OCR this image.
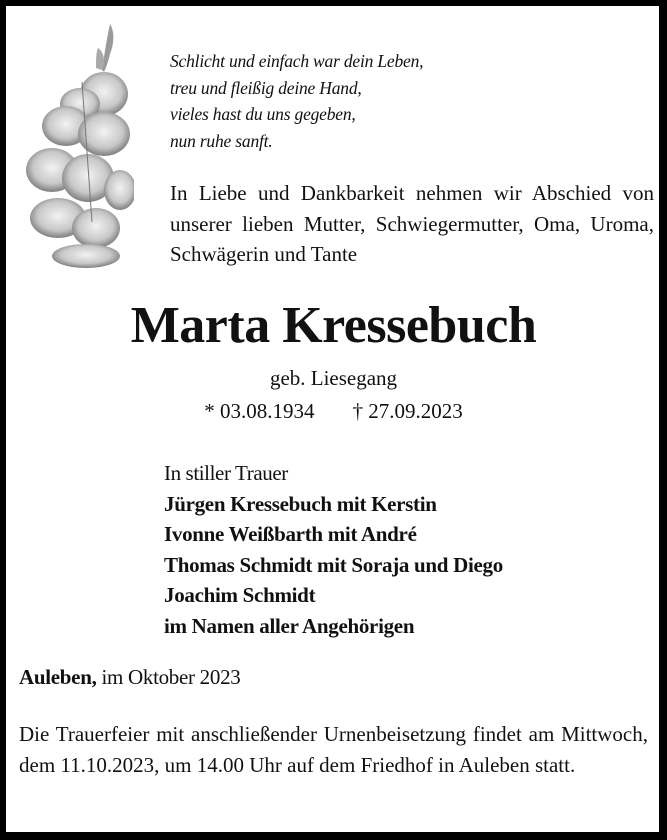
Schlicht und einfach war dein Leben,
treu und fleißig deine Hand,
vieles hast du uns gegeben,
nun ruhe sanft.
In Liebe und Dankbarkeit nehmen wir Abschied von unserer lieben Mutter, Schwiegermutter, Oma, Uroma, Schwägerin und Tante
Marta Kressebuch
geb. Liesegang
* 03.08.1934 † 27.09.2023
In stiller Trauer
Jürgen Kressebuch mit Kerstin
Ivonne Weißbarth mit André
Thomas Schmidt mit Soraja und Diego
Joachim Schmidt
im Namen aller Angehörigen
Auleben, im Oktober 2023
Die Trauerfeier mit anschließender Urnenbeisetzung findet am Mittwoch, dem 11.10.2023, um 14.00 Uhr auf dem Friedhof in Auleben statt.
